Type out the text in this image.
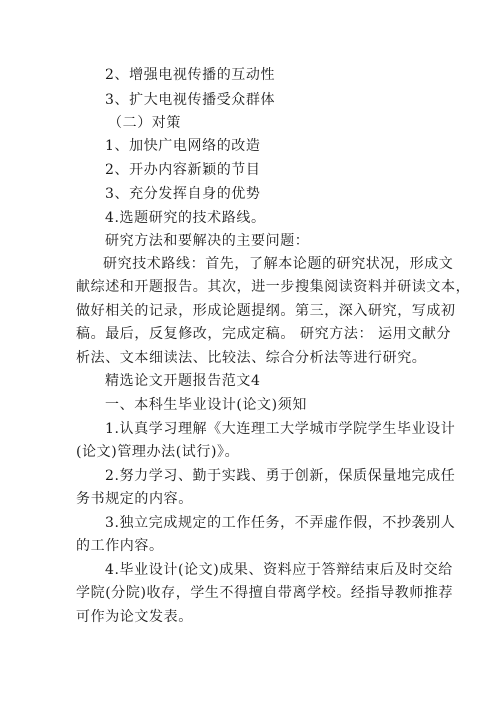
2、增强电视传播的互动性
3、扩大电视传播受众群体
（二）对策
1、加快广电网络的改造
2、开办内容新颖的节目
3、充分发挥自身的优势
4.选题研究的技术路线。
研究方法和要解决的主要问题：
研究技术路线：首先，了解本论题的研究状况，形成文
献综述和开题报告。其次，进一步搜集阅读资料并研读文本，
做好相关的记录，形成论题提纲。第三，深入研究，写成初
稿。最后，反复修改，完成定稿。 研究方法： 运用文献分
析法、文本细读法、比较法、综合分析法等进行研究。
精选论文开题报告范文4
一、本科生毕业设计(论文)须知
1.认真学习理解《大连理工大学城市学院学生毕业设计
(论文)管理办法(试行)》。
2.努力学习、勤于实践、勇于创新，保质保量地完成任
务书规定的内容。
3.独立完成规定的工作任务，不弄虚作假，不抄袭别人
的工作内容。
4.毕业设计(论文)成果、资料应于答辩结束后及时交给
学院(分院)收存，学生不得擅自带离学校。经指导教师推荐
可作为论文发表。
